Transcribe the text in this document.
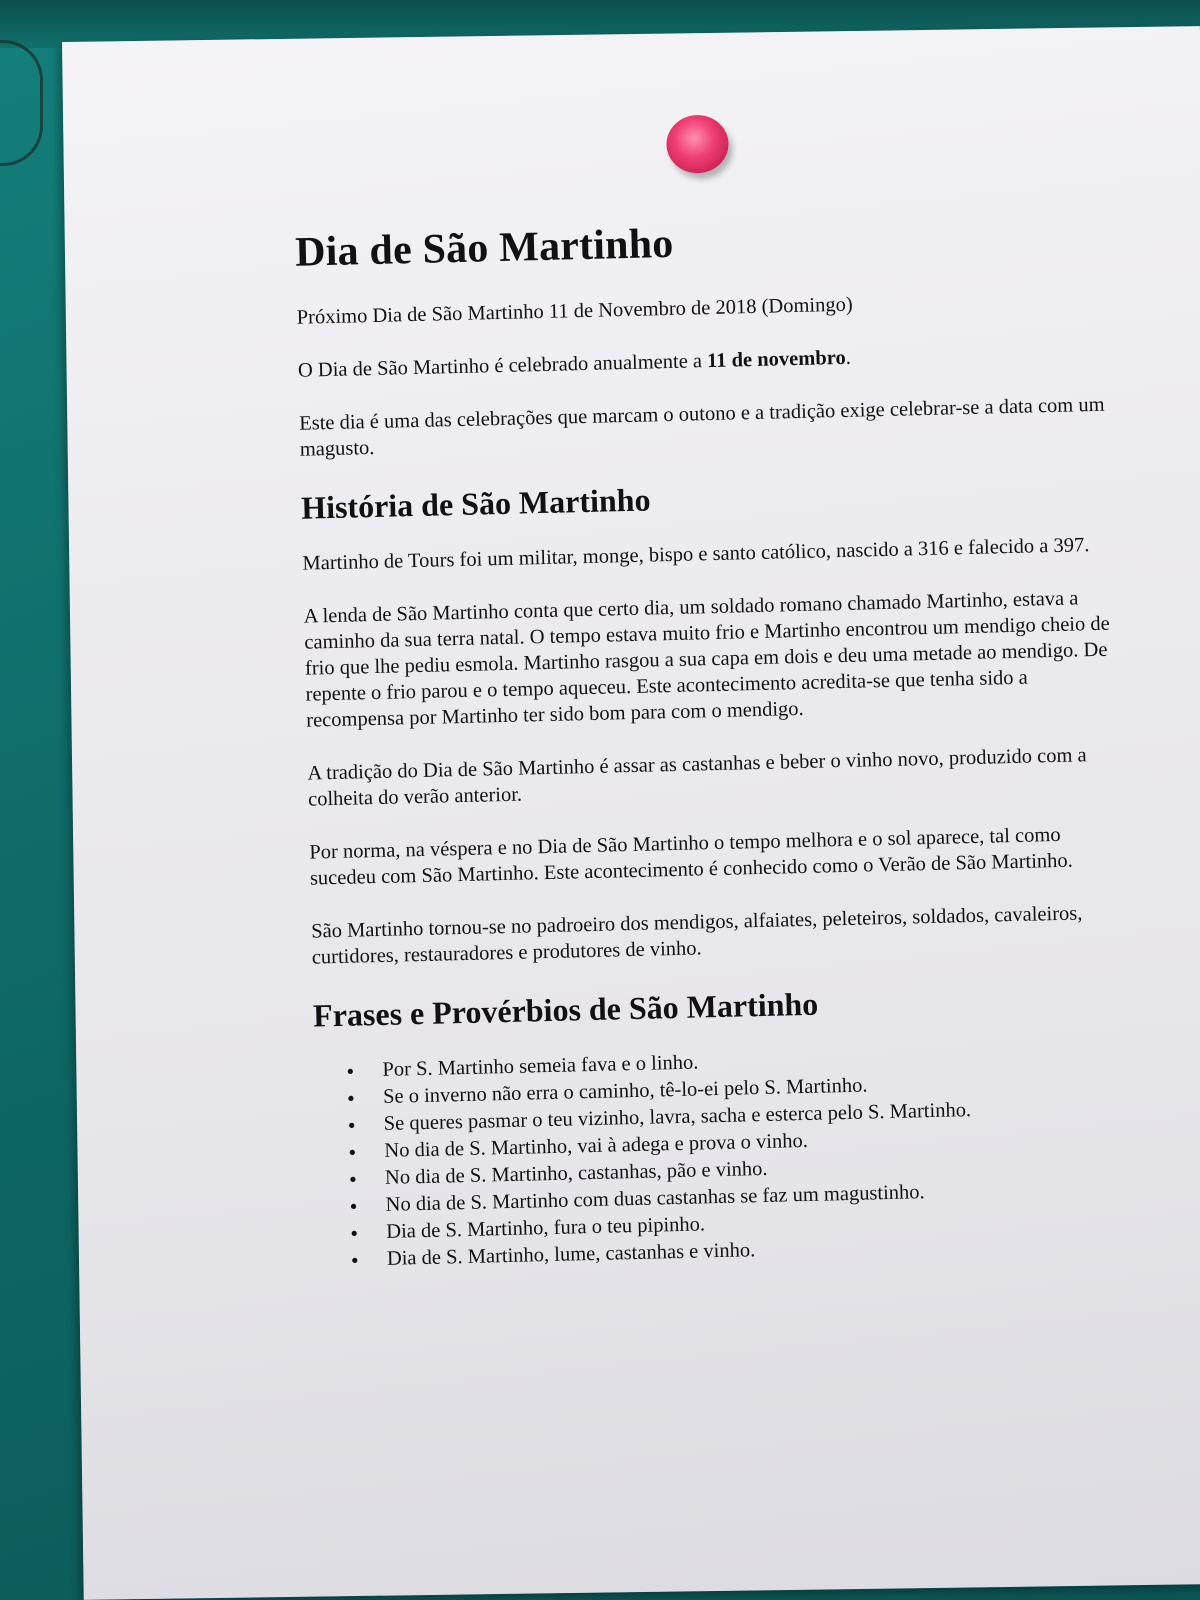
Dia de São Martinho

Próximo Dia de São Martinho 11 de Novembro de 2018 (Domingo)

O Dia de São Martinho é celebrado anualmente a 11 de novembro.

Este dia é uma das celebrações que marcam o outono e a tradição exige celebrar-se a data com um magusto.

História de São Martinho

Martinho de Tours foi um militar, monge, bispo e santo católico, nascido a 316 e falecido a 397.

A lenda de São Martinho conta que certo dia, um soldado romano chamado Martinho, estava a caminho da sua terra natal. O tempo estava muito frio e Martinho encontrou um mendigo cheio de frio que lhe pediu esmola. Martinho rasgou a sua capa em dois e deu uma metade ao mendigo. De repente o frio parou e o tempo aqueceu. Este acontecimento acredita-se que tenha sido a recompensa por Martinho ter sido bom para com o mendigo.

A tradição do Dia de São Martinho é assar as castanhas e beber o vinho novo, produzido com a colheita do verão anterior.

Por norma, na véspera e no Dia de São Martinho o tempo melhora e o sol aparece, tal como sucedeu com São Martinho. Este acontecimento é conhecido como o Verão de São Martinho.

São Martinho tornou-se no padroeiro dos mendigos, alfaiates, peleteiros, soldados, cavaleiros, curtidores, restauradores e produtores de vinho.

Frases e Provérbios de São Martinho
• Por S. Martinho semeia fava e o linho.
• Se o inverno não erra o caminho, tê-lo-ei pelo S. Martinho.
• Se queres pasmar o teu vizinho, lavra, sacha e esterca pelo S. Martinho.
• No dia de S. Martinho, vai à adega e prova o vinho.
• No dia de S. Martinho, castanhas, pão e vinho.
• No dia de S. Martinho com duas castanhas se faz um magustinho.
• Dia de S. Martinho, fura o teu pipinho.
• Dia de S. Martinho, lume, castanhas e vinho.
